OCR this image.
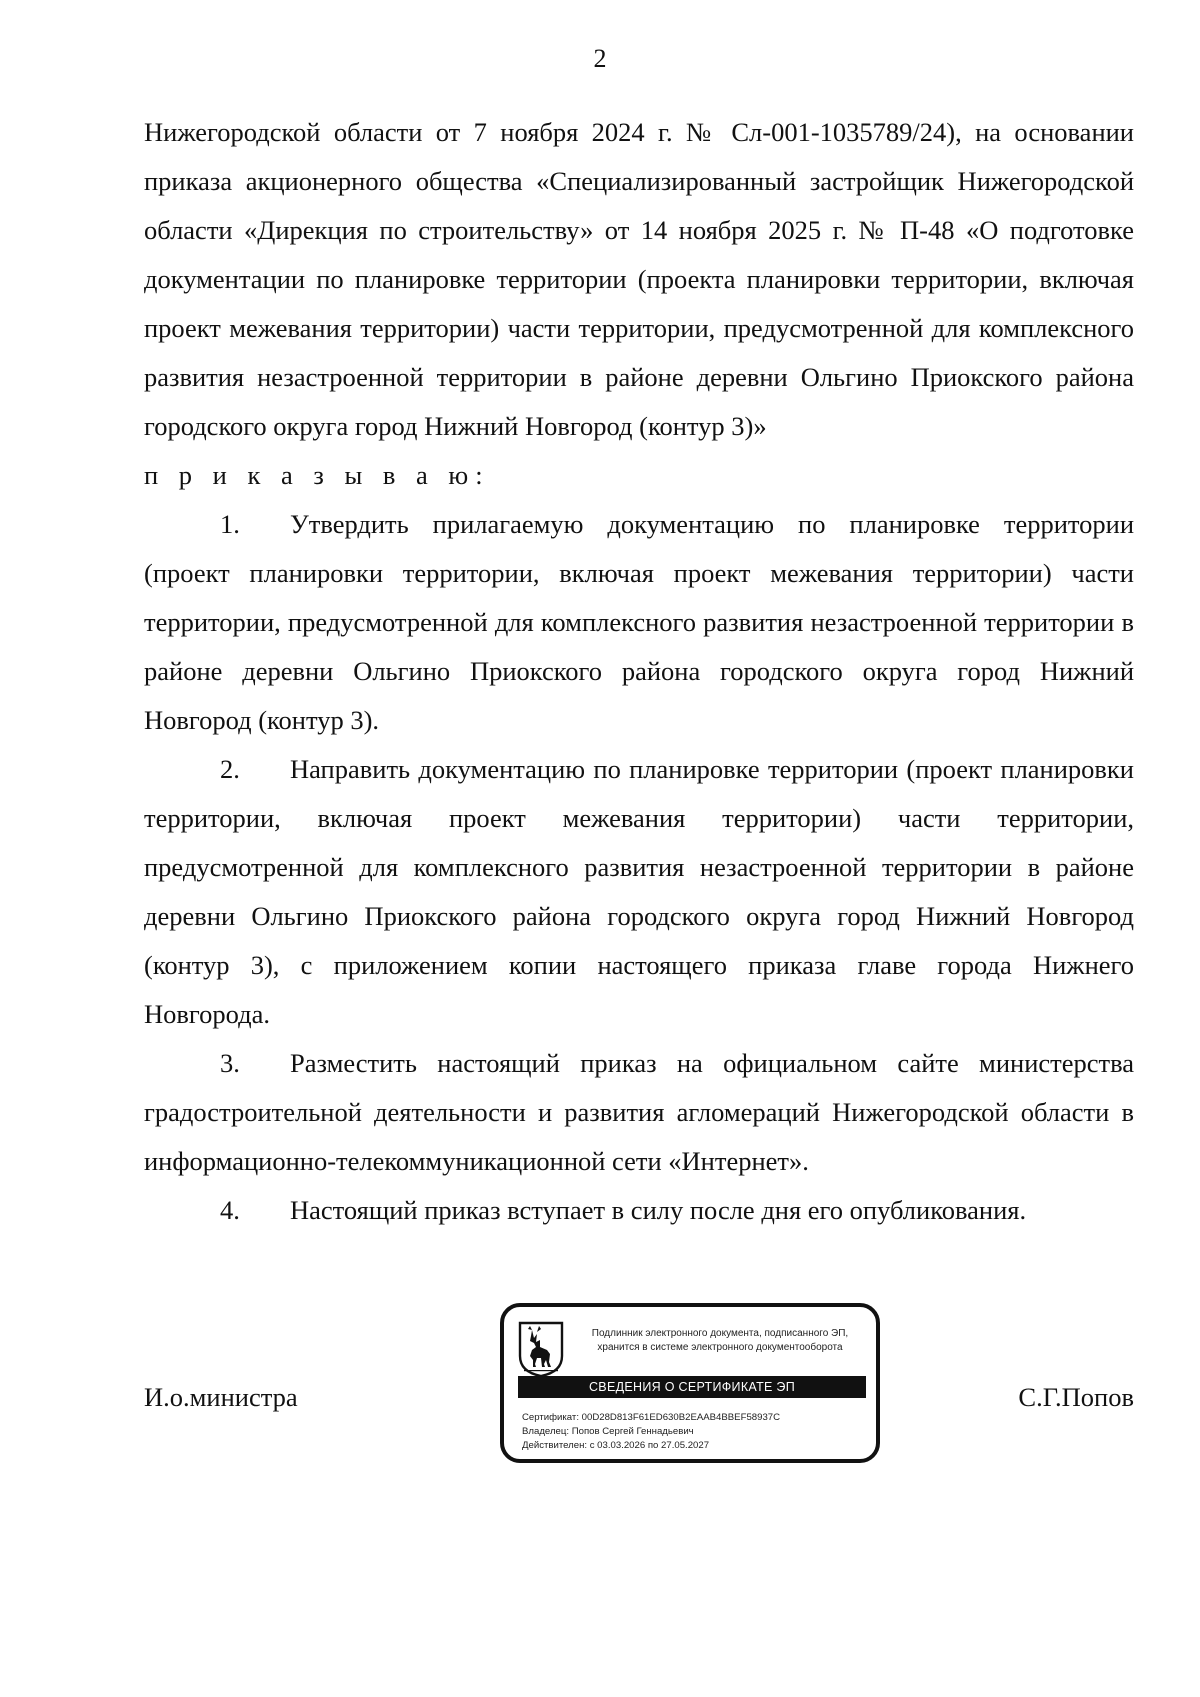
2

Нижегородской области от 7 ноября 2024 г. № Сл-001-1035789/24), на основании приказа акционерного общества «Специализированный застройщик Нижегородской области «Дирекция по строительству» от 14 ноября 2025 г. № П-48 «О подготовке документации по планировке территории (проекта планировки территории, включая проект межевания территории) части территории, предусмотренной для комплексного развития незастроенной территории в районе деревни Ольгино Приокского района городского округа город Нижний Новгород (контур 3)»

п р и к а з ы в а ю:

1. Утвердить прилагаемую документацию по планировке территории (проект планировки территории, включая проект межевания территории) части территории, предусмотренной для комплексного развития незастроенной территории в районе деревни Ольгино Приокского района городского округа город Нижний Новгород (контур 3).

2. Направить документацию по планировке территории (проект планировки территории, включая проект межевания территории) части территории, предусмотренной для комплексного развития незастроенной территории в районе деревни Ольгино Приокского района городского округа город Нижний Новгород (контур 3), с приложением копии настоящего приказа главе города Нижнего Новгорода.

3. Разместить настоящий приказ на официальном сайте министерства градостроительной деятельности и развития агломераций Нижегородской области в информационно-телекоммуникационной сети «Интернет».

4. Настоящий приказ вступает в силу после дня его опубликования.

И.о.министра	С.Г.Попов
Подлинник электронного документа, подписанного ЭП,
хранится в системе электронного документооборота
СВЕДЕНИЯ О СЕРТИФИКАТЕ ЭП
Сертификат: 00D28D813F61ED630B2EAAB4BBEF58937C
Владелец: Попов Сергей Геннадьевич
Действителен: с 03.03.2026 по 27.05.2027
